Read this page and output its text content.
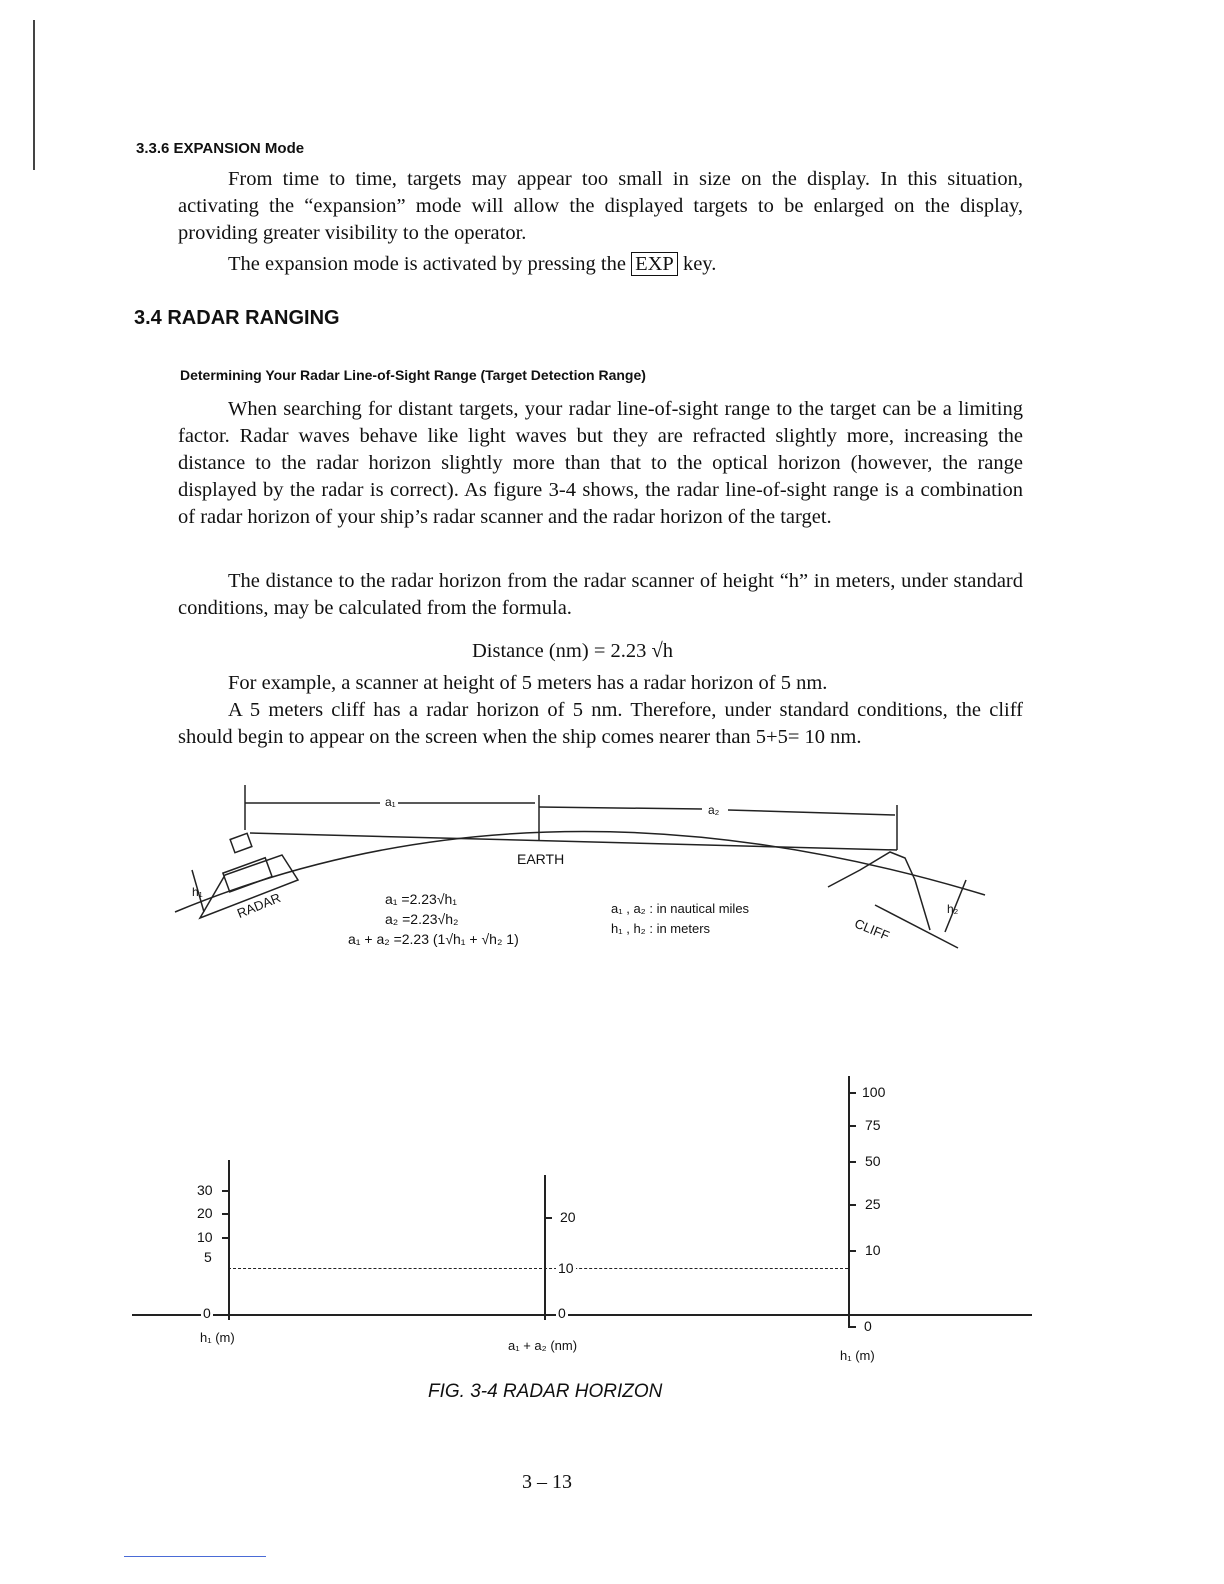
3.3.6 EXPANSION Mode
From time to time, targets may appear too small in size on the display. In this situation, activating the “expansion” mode will allow the displayed targets to be enlarged on the display, providing greater visibility to the operator.
The expansion mode is activated by pressing the EXP key.
3.4 RADAR RANGING
Determining Your Radar Line-of-Sight Range (Target Detection Range)
When searching for distant targets, your radar line-of-sight range to the target can be a limiting factor. Radar waves behave like light waves but they are refracted slightly more, increasing the distance to the radar horizon slightly more than that to the optical horizon (however, the range displayed by the radar is correct). As figure 3-4 shows, the radar line-of-sight range is a combination of radar horizon of your ship’s radar scanner and the radar horizon of the target.
The distance to the radar horizon from the radar scanner of height “h” in meters, under standard conditions, may be calculated from the formula.
Distance (nm) = 2.23 √h
For example, a scanner at height of 5 meters has a radar horizon of 5 nm.
A 5 meters cliff has a radar horizon of 5 nm. Therefore, under standard conditions, the cliff should begin to appear on the screen when the ship comes nearer than 5+5= 10 nm.
a₁
a₂
EARTH
RADAR
CLIFF
h₁
h₂
a₁ =2.23√h₁
a₂ =2.23√h₂
a₁ + a₂ =2.23 (1√h₁ + √h₂ 1)
a₁ , a₂ : in nautical miles
h₁ , h₂ : in meters
30
20
10
5
0
h₁ (m)
20
10
0
a₁ + a₂ (nm)
100
75
50
25
10
0
h₁ (m)
FIG. 3-4 RADAR HORIZON
3 – 13
